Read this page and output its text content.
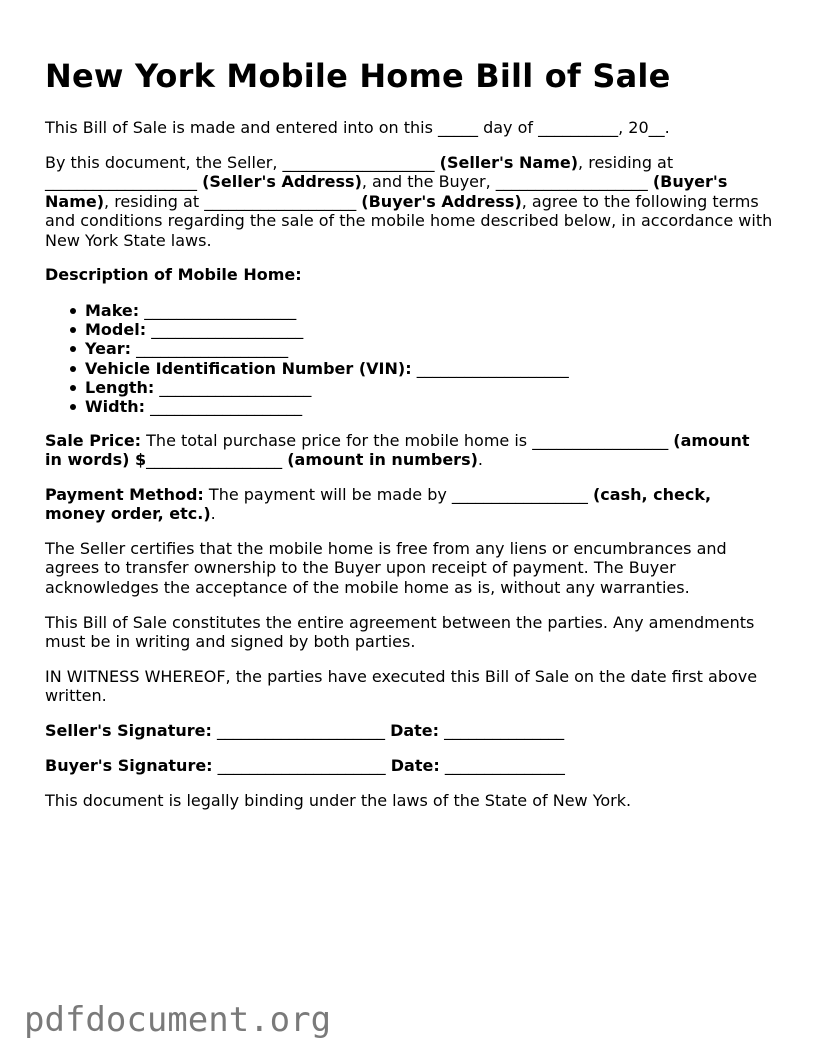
New York Mobile Home Bill of Sale
This Bill of Sale is made and entered into on this _____ day of __________, 20__.
By this document, the Seller, ___________________ (Seller's Name), residing at
___________________ (Seller's Address), and the Buyer, ___________________ (Buyer's
Name), residing at ___________________ (Buyer's Address), agree to the following terms
and conditions regarding the sale of the mobile home described below, in accordance with
New York State laws.
Description of Mobile Home:
Make: ___________________
Model: ___________________
Year: ___________________
Vehicle Identification Number (VIN): ___________________
Length: ___________________
Width: ___________________
Sale Price: The total purchase price for the mobile home is _________________ (amount
in words) $_________________ (amount in numbers).
Payment Method: The payment will be made by _________________ (cash, check,
money order, etc.).
The Seller certifies that the mobile home is free from any liens or encumbrances and
agrees to transfer ownership to the Buyer upon receipt of payment. The Buyer
acknowledges the acceptance of the mobile home as is, without any warranties.
This Bill of Sale constitutes the entire agreement between the parties. Any amendments
must be in writing and signed by both parties.
IN WITNESS WHEREOF, the parties have executed this Bill of Sale on the date first above
written.
Seller's Signature: _____________________ Date: _______________
Buyer's Signature: _____________________ Date: _______________
This document is legally binding under the laws of the State of New York.
pdfdocument.org
